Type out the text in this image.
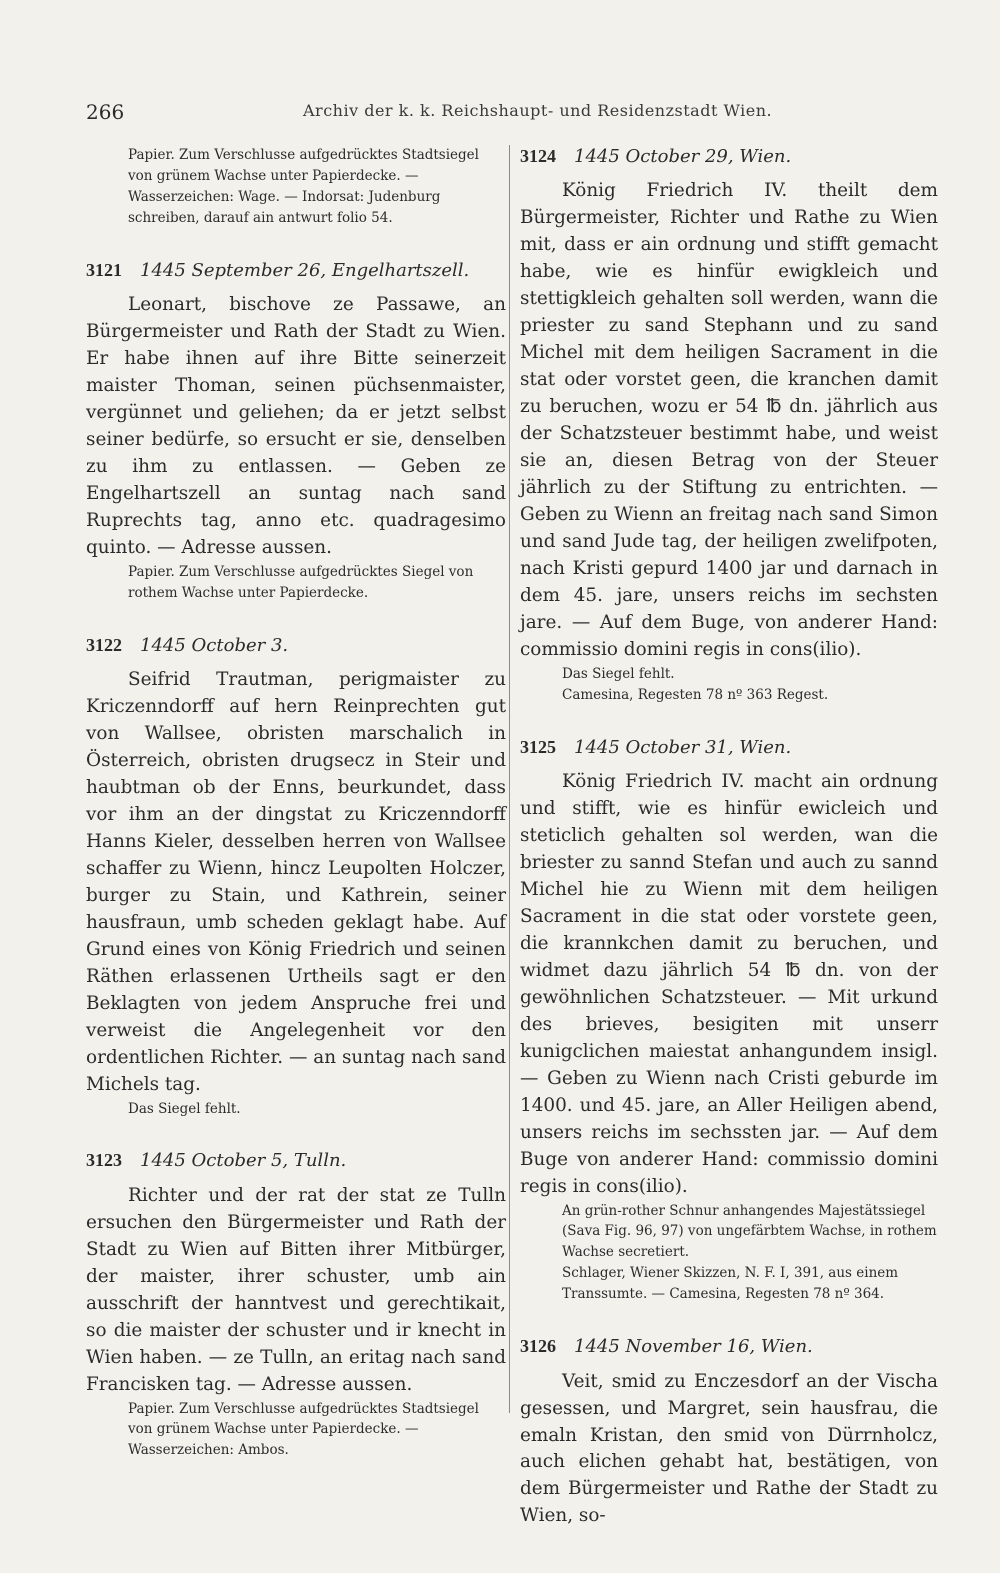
266	Archiv der k. k. Reichshaupt- und Residenzstadt Wien.

Papier. Zum Verschlusse aufgedrücktes Stadtsiegel von grünem Wachse unter Papierdecke. — Wasserzeichen: Wage. — Indorsat: Judenburg schreiben, darauf ain antwurt folio 54.

3121 1445 September 26, Engelhartszell.

Leonart, bischove ze Passawe, an Bürgermeister und Rath der Stadt zu Wien. Er habe ihnen auf ihre Bitte seinerzeit maister Thoman, seinen püchsenmaister, vergünnet und geliehen; da er jetzt selbst seiner bedürfe, so ersucht er sie, denselben zu ihm zu entlassen. — Geben ze Engelhartszell an suntag nach sand Ruprechts tag, anno etc. quadragesimo quinto. — Adresse aussen.

Papier. Zum Verschlusse aufgedrücktes Siegel von rothem Wachse unter Papierdecke.

3122 1445 October 3.

Seifrid Trautman, perigmaister zu Kriczenndorff auf hern Reinprechten gut von Wallsee, obristen marschalich in Österreich, obristen drugsecz in Steir und haubtman ob der Enns, beurkundet, dass vor ihm an der dingstat zu Kriczenndorff Hanns Kieler, desselben herren von Wallsee schaffer zu Wienn, hincz Leupolten Holczer, burger zu Stain, und Kathrein, seiner hausfraun, umb scheden geklagt habe. Auf Grund eines von König Friedrich und seinen Räthen erlassenen Urtheils sagt er den Beklagten von jedem Anspruche frei und verweist die Angelegenheit vor den ordentlichen Richter. — an suntag nach sand Michels tag.

Das Siegel fehlt.

3123 1445 October 5, Tulln.

Richter und der rat der stat ze Tulln ersuchen den Bürgermeister und Rath der Stadt zu Wien auf Bitten ihrer Mitbürger, der maister, ihrer schuster, umb ain ausschrift der hanntvest und gerechtikait, so die maister der schuster und ir knecht in Wien haben. — ze Tulln, an eritag nach sand Francisken tag. — Adresse aussen.

Papier. Zum Verschlusse aufgedrücktes Stadtsiegel von grünem Wachse unter Papierdecke. — Wasserzeichen: Ambos.

3124 1445 October 29, Wien.

König Friedrich IV. theilt dem Bürgermeister, Richter und Rathe zu Wien mit, dass er ain ordnung und stifft gemacht habe, wie es hinfür ewigkleich und stettigkleich gehalten soll werden, wann die priester zu sand Stephann und zu sand Michel mit dem heiligen Sacrament in die stat oder vorstet geen, die kranchen damit zu beruchen, wozu er 54 ℔ dn. jährlich aus der Schatzsteuer bestimmt habe, und weist sie an, diesen Betrag von der Steuer jährlich zu der Stiftung zu entrichten. — Geben zu Wienn an freitag nach sand Simon und sand Jude tag, der heiligen zwelifpoten, nach Kristi gepurd 1400 jar und darnach in dem 45. jare, unsers reichs im sechsten jare. — Auf dem Buge, von anderer Hand: commissio domini regis in cons(ilio).

Das Siegel fehlt.

Camesina, Regesten 78 nº 363 Regest.

3125 1445 October 31, Wien.

König Friedrich IV. macht ain ordnung und stifft, wie es hinfür ewicleich und steticlich gehalten sol werden, wan die briester zu sannd Stefan und auch zu sannd Michel hie zu Wienn mit dem heiligen Sacrament in die stat oder vorstete geen, die krannkchen damit zu beruchen, und widmet dazu jährlich 54 ℔ dn. von der gewöhnlichen Schatzsteuer. — Mit urkund des brieves, besigiten mit unserr kunigclichen maiestat anhangundem insigl. — Geben zu Wienn nach Cristi geburde im 1400. und 45. jare, an Aller Heiligen abend, unsers reichs im sechssten jar. — Auf dem Buge von anderer Hand: commissio domini regis in cons(ilio).

An grün-rother Schnur anhangendes Majestätssiegel (Sava Fig. 96, 97) von ungefärbtem Wachse, in rothem Wachse secretiert.

Schlager, Wiener Skizzen, N. F. I, 391, aus einem Transsumte. — Camesina, Regesten 78 nº 364.

3126 1445 November 16, Wien.

Veit, smid zu Enczesdorf an der Vischa gesessen, und Margret, sein hausfrau, die emaln Kristan, den smid von Dürrnholcz, auch elichen gehabt hat, bestätigen, von dem Bürgermeister und Rathe der Stadt zu Wien, so-
